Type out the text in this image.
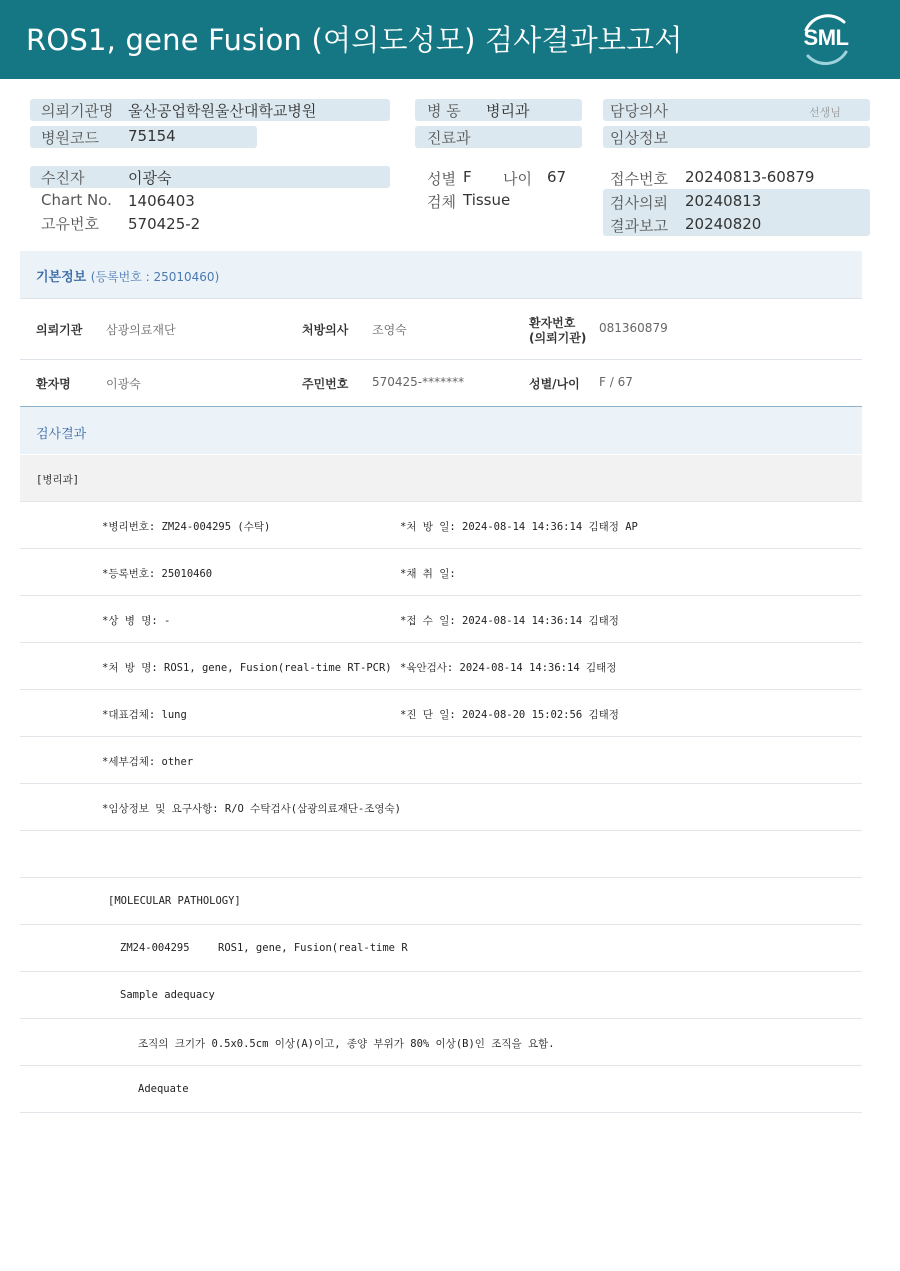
ROS1, gene Fusion (여의도성모) 검사결과보고서	SML
의뢰기관명 울산공업학원울산대학교병원	병 동 병리과	담당의사	선생님
병원코드 75154	진료과	임상정보
수진자	이광숙	성별 F 나이 67	접수번호 20240813-60879
Chart No. 1406403	검체 Tissue	검사의뢰 20240813
고유번호 570425-2	결과보고 20240820
기본정보 (등록번호 : 25010460)
의뢰기관 삼광의료재단	처방의사 조영숙	환자번호
(의뢰기관)
081360879
환자명	이광숙	주민번호 570425-*******	성별/나이 F / 67
검사결과
[병리과]
*병리번호: ZM24-004295 (수탁)	*처 방 일: 2024-08-14 14:36:14 김태정 AP
*등록번호: 25010460	*채 취 일:
*상 병 명: -	*접 수 일: 2024-08-14 14:36:14 김태정
*처 방 명: ROS1, gene, Fusion(real-time RT-PCR) *육안검사: 2024-08-14 14:36:14 김태정
*대표검체: lung	*진 단 일: 2024-08-20 15:02:56 김태정
*세부검체: other
*임상정보 및 요구사항: R/O 수탁검사(삼광의료재단-조영숙)
[MOLECULAR PATHOLOGY]
ZM24-004295	ROS1, gene, Fusion(real-time R
Sample adequacy
조직의 크기가 0.5x0.5cm 이상(A)이고, 종양 부위가 80% 이상(B)인 조직을 요함.
Adequate
